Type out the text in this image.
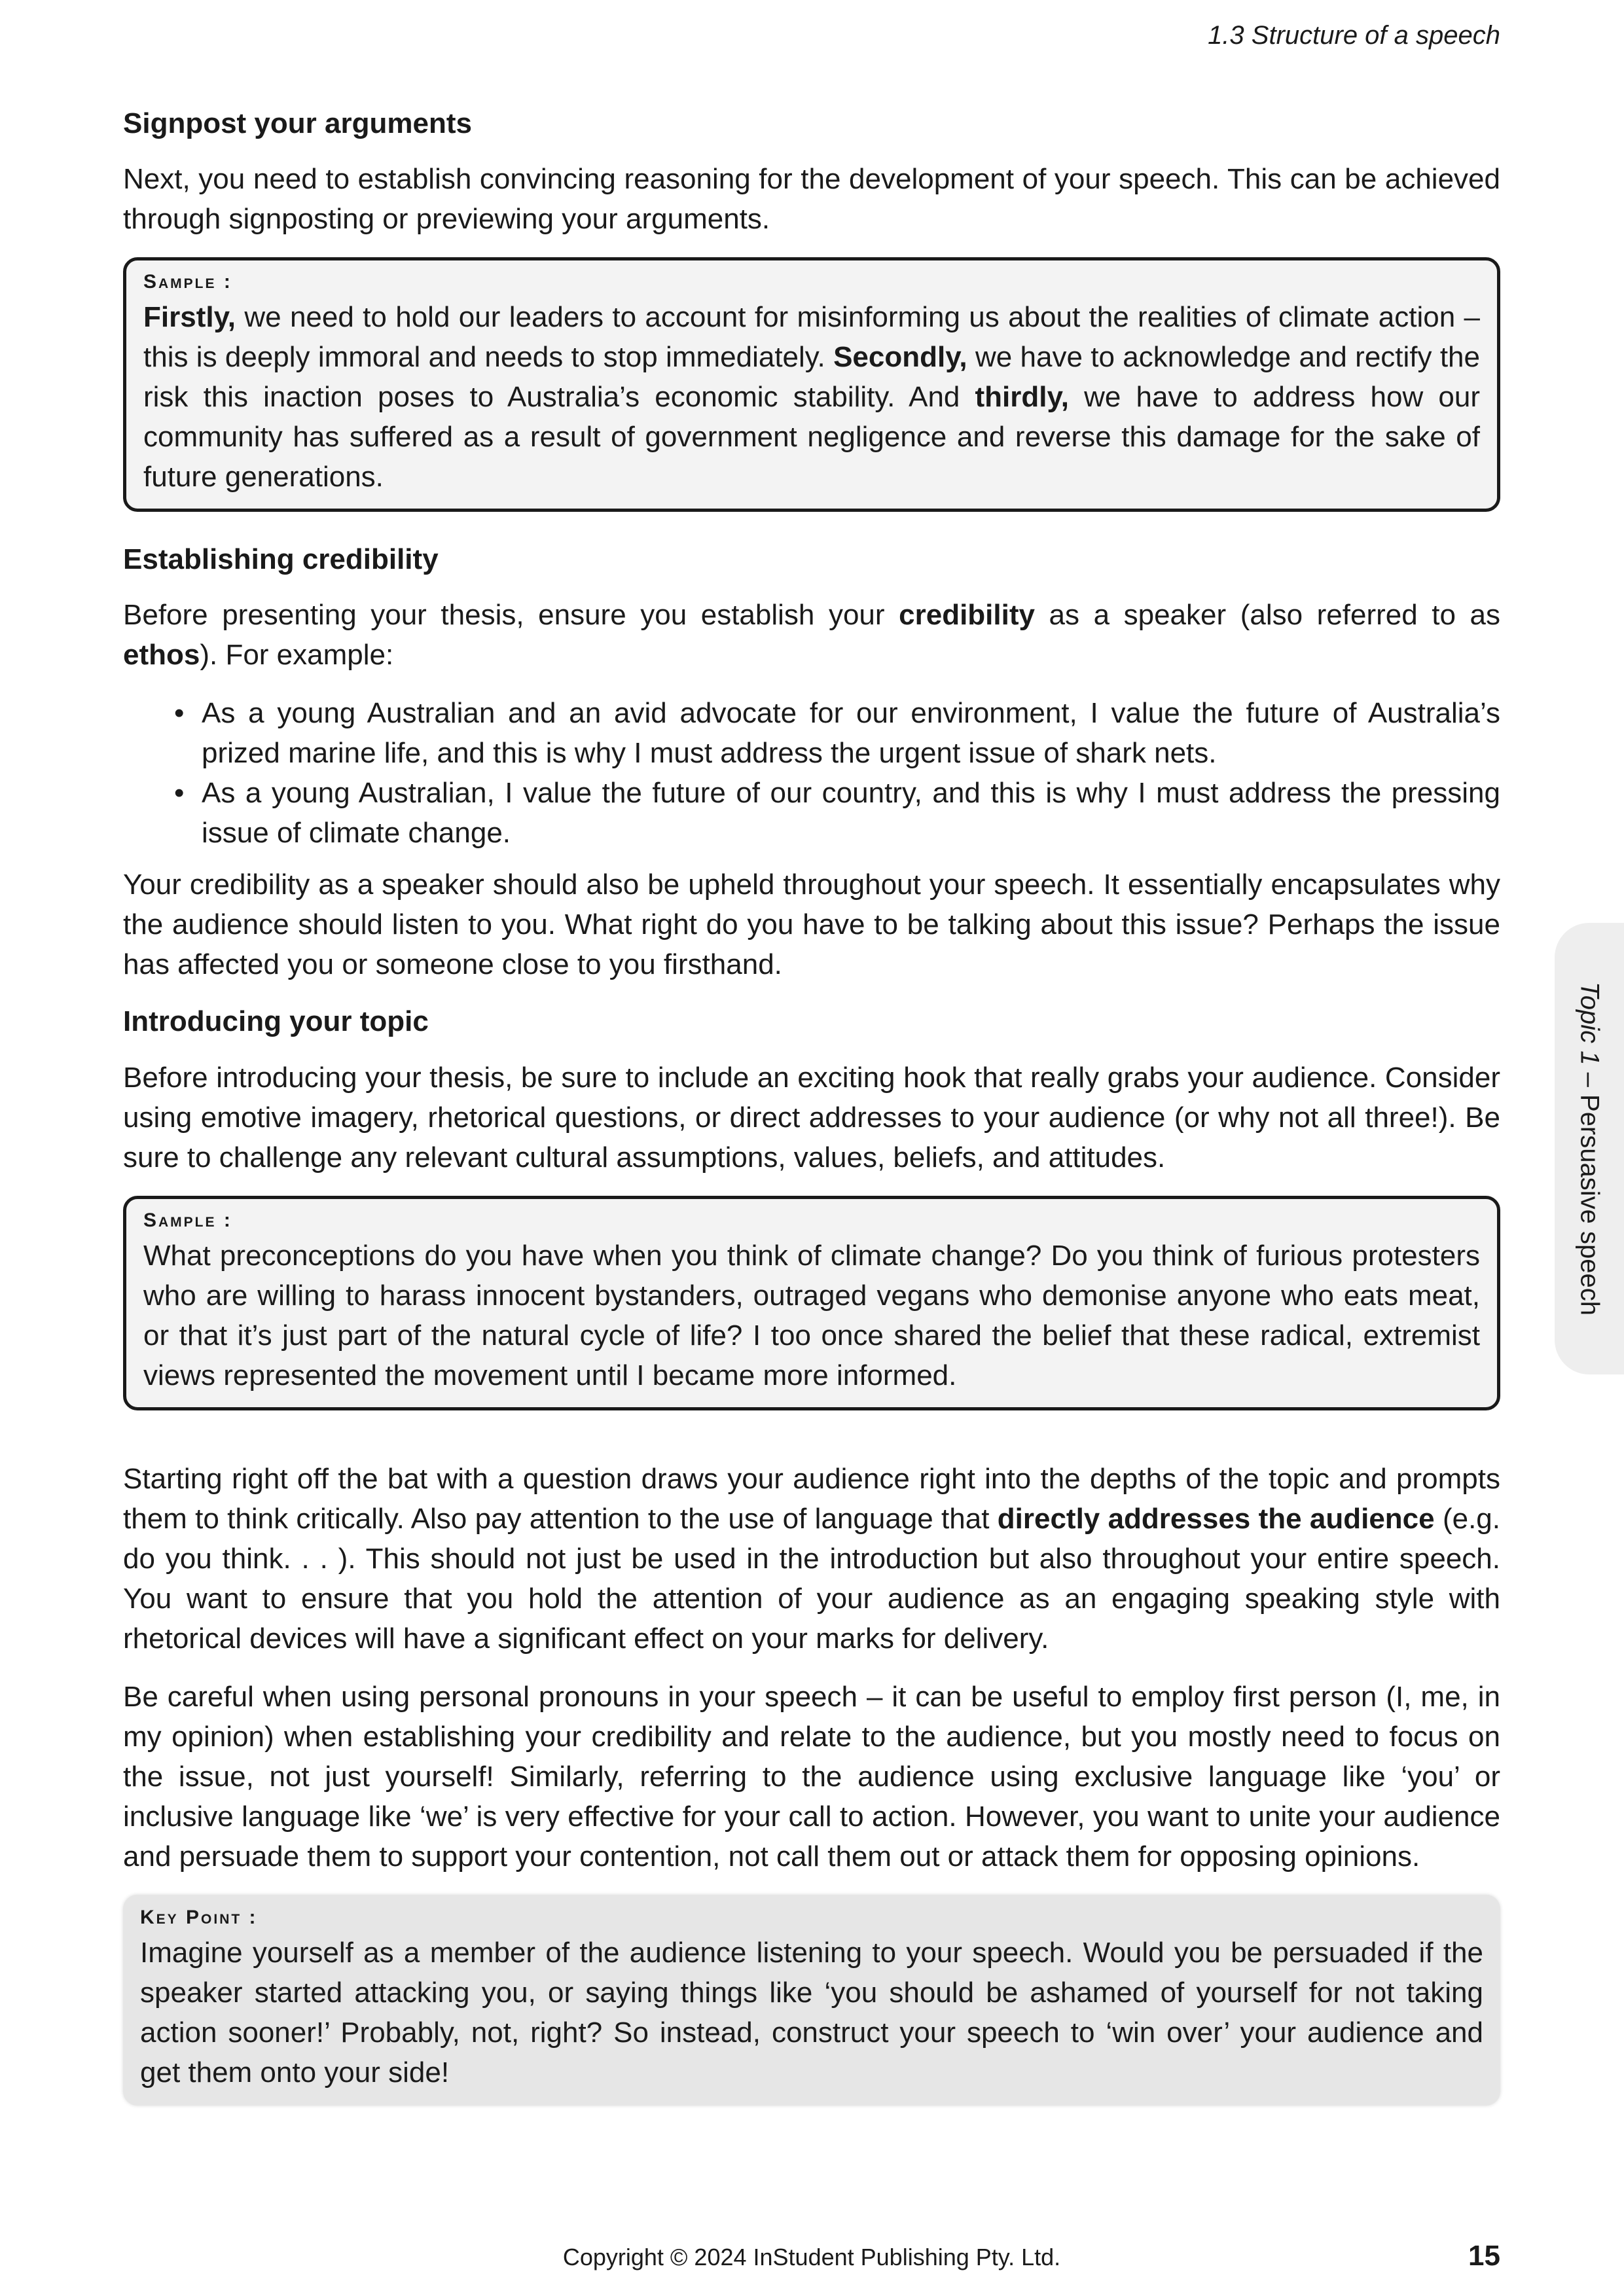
1.3 Structure of a speech
Signpost your arguments

Next, you need to establish convincing reasoning for the development of your speech. This can be achieved through signposting or previewing your arguments.

Sample :

Firstly, we need to hold our leaders to account for misinforming us about the realities of climate action – this is deeply immoral and needs to stop immediately. Secondly, we have to acknowledge and rectify the risk this inaction poses to Australia’s economic stability. And thirdly, we have to address how our community has suffered as a result of government negligence and reverse this damage for the sake of future generations.

Establishing credibility

Before presenting your thesis, ensure you establish your credibility as a speaker (also referred to as ethos). For example:

• As a young Australian and an avid advocate for our environment, I value the future of Australia’s prized marine life, and this is why I must address the urgent issue of shark nets.
• As a young Australian, I value the future of our country, and this is why I must address the pressing issue of climate change.

Your credibility as a speaker should also be upheld throughout your speech. It essentially encapsulates why the audience should listen to you. What right do you have to be talking about this issue? Perhaps the issue has affected you or someone close to you firsthand.

Introducing your topic

Before introducing your thesis, be sure to include an exciting hook that really grabs your audience. Consider using emotive imagery, rhetorical questions, or direct addresses to your audience (or why not all three!). Be sure to challenge any relevant cultural assumptions, values, beliefs, and attitudes.

Sample :

What preconceptions do you have when you think of climate change? Do you think of furious protesters who are willing to harass innocent bystanders, outraged vegans who demonise anyone who eats meat, or that it’s just part of the natural cycle of life? I too once shared the belief that these radical, extremist views represented the movement until I became more informed.

Starting right off the bat with a question draws your audience right into the depths of the topic and prompts them to think critically. Also pay attention to the use of language that directly addresses the audience (e.g. do you think. . . ). This should not just be used in the introduction but also throughout your entire speech. You want to ensure that you hold the attention of your audience as an engaging speaking style with rhetorical devices will have a significant effect on your marks for delivery.

Be careful when using personal pronouns in your speech – it can be useful to employ first person (I, me, in my opinion) when establishing your credibility and relate to the audience, but you mostly need to focus on the issue, not just yourself! Similarly, referring to the audience using exclusive language like ‘you’ or inclusive language like ‘we’ is very effective for your call to action. However, you want to unite your audience and persuade them to support your contention, not call them out or attack them for opposing opinions.

Key Point :

Imagine yourself as a member of the audience listening to your speech. Would you be persuaded if the speaker started attacking you, or saying things like ‘you should be ashamed of yourself for not taking action sooner!’ Probably, not, right? So instead, construct your speech to ‘win over’ your audience and get them onto your side!

Topic 1 – Persuasive speech
Copyright © 2024 InStudent Publishing Pty. Ltd.	15
